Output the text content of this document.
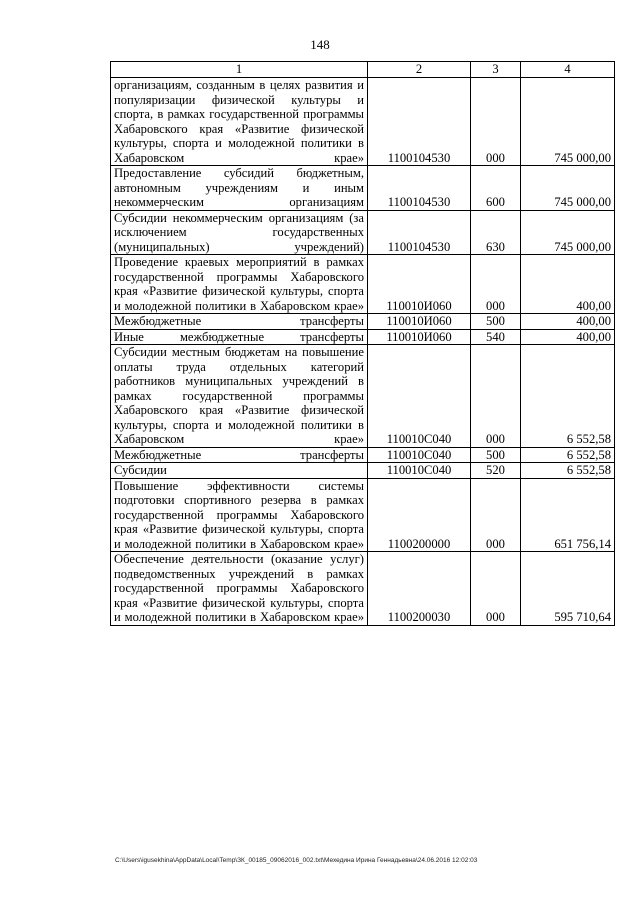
148
1	2	3	4
организациям, созданным в целях развития и популяризации физической культуры и спорта, в рамках государственной программы Хабаровского края «Развитие физической культуры, спорта и молодежной политики в Хабаровском крае»	1100104530	000	745 000,00
Предоставление субсидий бюджетным, автономным учреждениям и иным некоммерческим организациям	1100104530	600	745 000,00
Субсидии некоммерческим организациям (за исключением государственных (муниципальных) учреждений)	1100104530	630	745 000,00
Проведение краевых мероприятий в рамках государственной программы Хабаровского края «Развитие физической культуры, спорта и молодежной политики в Хабаровском крае»	110010И060	000	400,00
Межбюджетные трансферты	110010И060	500	400,00
Иные межбюджетные трансферты	110010И060	540	400,00
Субсидии местным бюджетам на повышение оплаты труда отдельных категорий работников муниципальных учреждений в рамках государственной программы Хабаровского края «Развитие физической культуры, спорта и молодежной политики в Хабаровском крае»	110010С040	000	6 552,58
Межбюджетные трансферты	110010С040	500	6 552,58
Субсидии	110010С040	520	6 552,58
Повышение эффективности системы подготовки спортивного резерва в рамках государственной программы Хабаровского края «Развитие физической культуры, спорта и молодежной политики в Хабаровском крае»	1100200000	000	651 756,14
Обеспечение деятельности (оказание услуг) подведомственных учреждений в рамках государственной программы Хабаровского края «Развитие физической культуры, спорта и молодежной политики в Хабаровском крае»	1100200030	000	595 710,64
C:\Users\igusekhina\AppData\Local\Temp\ЗК_00185_09062016_002.txt\Мехедина Ирина Геннадьевна\24.06.2016 12:02:03
